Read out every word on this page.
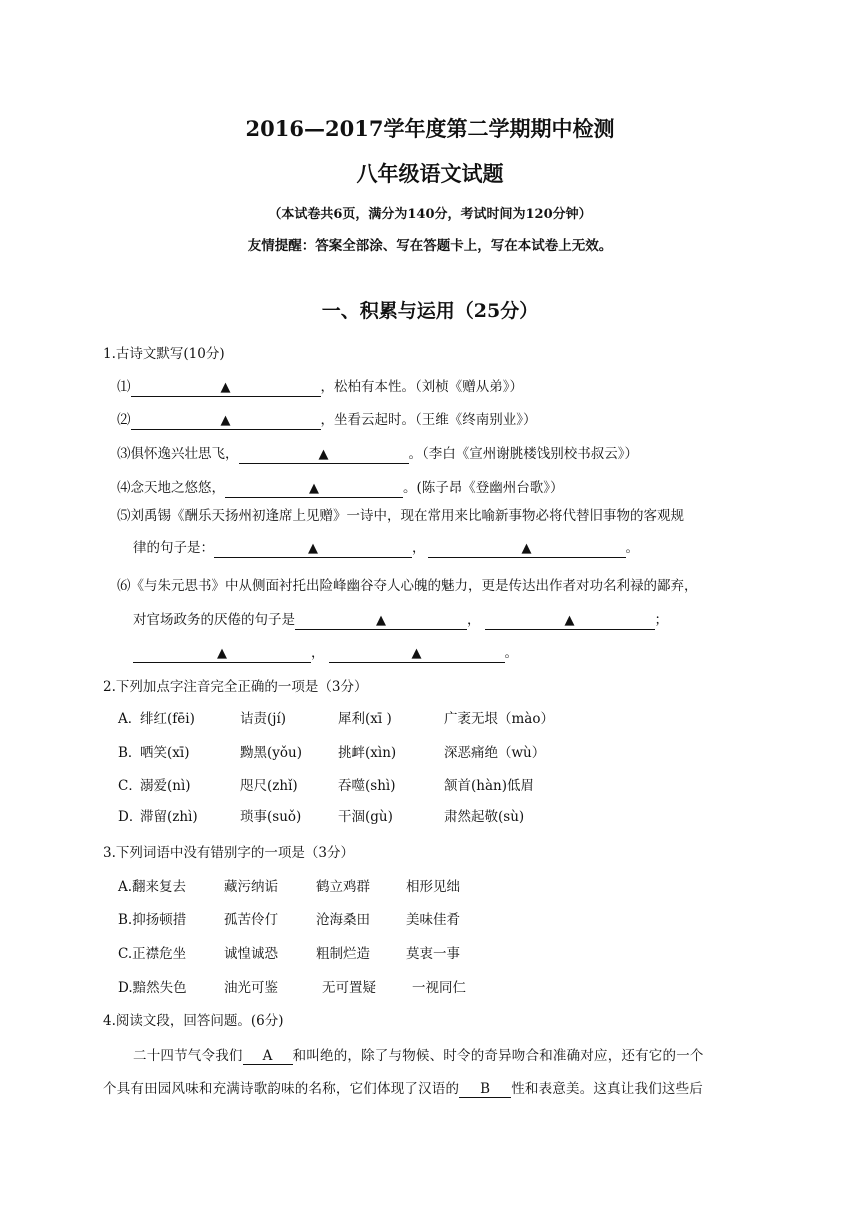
2016—2017学年度第二学期期中检测
八年级语文试题
（本试卷共6页，满分为140分，考试时间为120分钟）
友情提醒：答案全部涂、写在答题卡上，写在本试卷上无效。
一、积累与运用（25分）
1.古诗文默写(10分)
⑴	▲	，松柏有本性。（刘桢《赠从弟》）
⑵	▲	，坐看云起时。（王维《终南别业》）
⑶俱怀逸兴壮思飞，	▲	。（李白《宣州谢朓楼饯别校书叔云》）
⑷念天地之悠悠，	▲	。(陈子昂《登幽州台歌》）
⑸刘禹锡《酬乐天扬州初逢席上见赠》一诗中，现在常用来比喻新事物必将代替旧事物的客观规
律的句子是：	▲	，	▲	。
⑹《与朱元思书》中从侧面衬托出险峰幽谷夺人心魄的魅力，更是传达出作者对功名利禄的鄙弃，
对官场政务的厌倦的句子是	▲	，	▲	；
▲	，	▲	。
2.下列加点字注音完全正确的一项是（3分）
A．
绯红(fēi)	诘责(jí)	犀利(xī )	广袤无垠（mào）
B．
哂笑(xī)	黝黑(yǒu)	挑衅(xìn)	深恶痛绝（wù）
C．
溺爱(nì)	咫尺(zhǐ)	吞噬(shì)	颔首(hàn)低眉
D．
滞留(zhì)	琐事(suǒ)	干涸(gù)	肃然起敬(sù)
3.下列词语中没有错别字的一项是（3分）
A.翻来复去	藏污纳诟	鹤立鸡群	相形见绌
B.抑扬顿措	孤苦伶仃	沧海桑田	美味佳肴
C.正襟危坐	诚惶诚恐	粗制烂造	莫衷一事
D.黯然失色	油光可鉴	无可置疑	一视同仁
4.阅读文段，回答问题。(6分)
二十四节气令我们 A 和叫绝的，除了与物候、时令的奇异吻合和准确对应，还有它的一个
个具有田园风味和充满诗歌韵味的名称，它们体现了汉语的 B 性和表意美。这真让我们这些后
